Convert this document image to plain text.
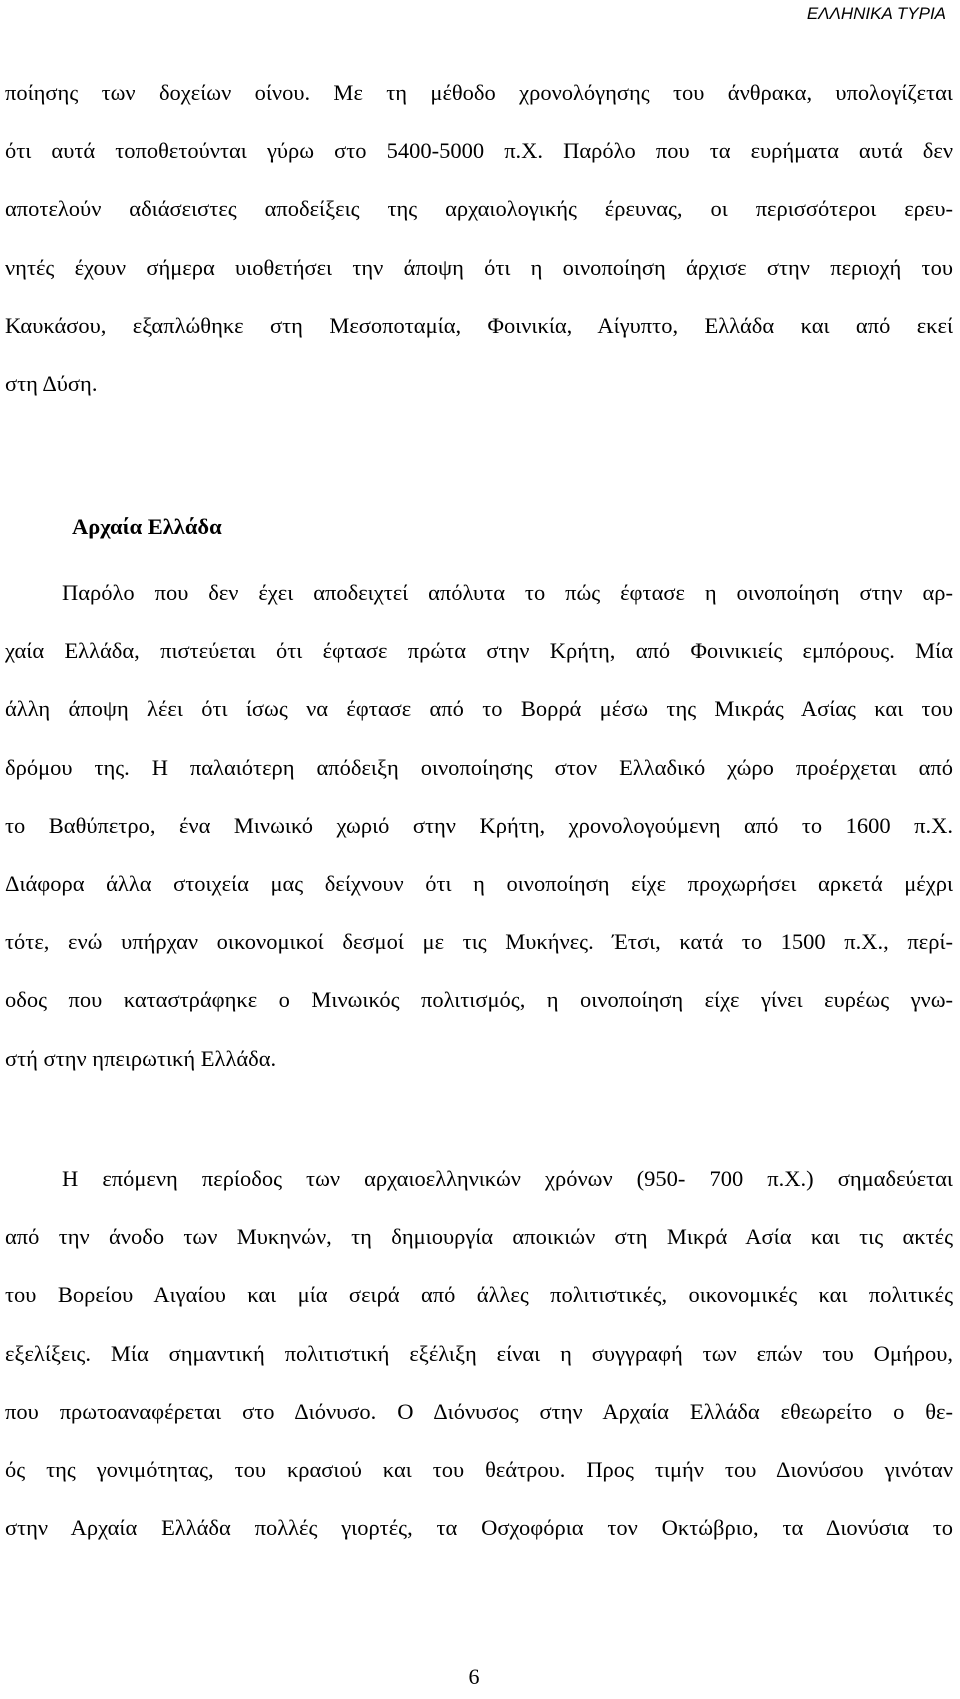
ΕΛΛΗΝΙΚΑ ΤΥΡΙΑ
ποίησης των δοχείων οίνου. Με τη μέθοδο χρονολόγησης του άνθρακα, υπολογίζεται
ότι αυτά τοποθετούνται γύρω στο 5400-5000 π.Χ. Παρόλο που τα ευρήματα αυτά δεν
αποτελούν αδιάσειστες αποδείξεις της αρχαιολογικής έρευνας, οι περισσότεροι ερευ-
νητές έχουν σήμερα υιοθετήσει την άποψη ότι η οινοποίηση άρχισε στην περιοχή του
Καυκάσου, εξαπλώθηκε στη Μεσοποταμία, Φοινικία, Αίγυπτο, Ελλάδα και από εκεί
στη Δύση.
Αρχαία Ελλάδα
Παρόλο που δεν έχει αποδειχτεί απόλυτα το πώς έφτασε η οινοποίηση στην αρ-
χαία Ελλάδα, πιστεύεται ότι έφτασε πρώτα στην Κρήτη, από Φοινικιείς εμπόρους. Μία
άλλη άποψη λέει ότι ίσως να έφτασε από το Βορρά μέσω της Μικράς Ασίας και του
δρόμου της. Η παλαιότερη απόδειξη οινοποίησης στον Ελλαδικό χώρο προέρχεται από
το Βαθύπετρο, ένα Μινωικό χωριό στην Κρήτη, χρονολογούμενη από το 1600 π.Χ.
Διάφορα άλλα στοιχεία μας δείχνουν ότι η οινοποίηση είχε προχωρήσει αρκετά μέχρι
τότε, ενώ υπήρχαν οικονομικοί δεσμοί με τις Μυκήνες. Έτσι, κατά το 1500 π.Χ., περί-
οδος που καταστράφηκε ο Μινωικός πολιτισμός, η οινοποίηση είχε γίνει ευρέως γνω-
στή στην ηπειρωτική Ελλάδα.
Η επόμενη περίοδος των αρχαιοελληνικών χρόνων (950- 700 π.Χ.) σημαδεύεται
από την άνοδο των Μυκηνών, τη δημιουργία αποικιών στη Μικρά Ασία και τις ακτές
του Βορείου Αιγαίου και μία σειρά από άλλες πολιτιστικές, οικονομικές και πολιτικές
εξελίξεις. Μία σημαντική πολιτιστική εξέλιξη είναι η συγγραφή των επών του Ομήρου,
που πρωτοαναφέρεται στο Διόνυσο. Ο Διόνυσος στην Αρχαία Ελλάδα εθεωρείτο ο θε-
ός της γονιμότητας, του κρασιού και του θεάτρου. Προς τιμήν του Διονύσου γινόταν
στην Αρχαία Ελλάδα πολλές γιορτές, τα Οσχοφόρια τον Οκτώβριο, τα Διονύσια το
6
